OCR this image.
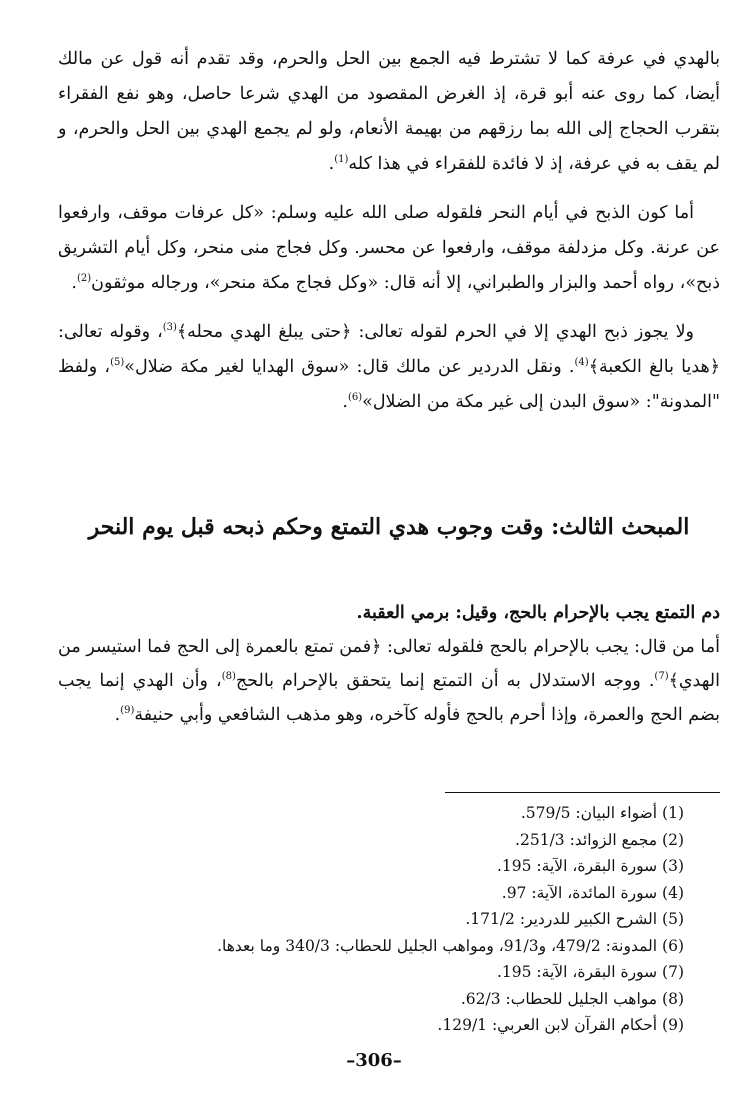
بالهدي في عرفة كما لا تشترط فيه الجمع بين الحل والحرم، وقد تقدم أنه قول عن مالك أيضا، كما روى عنه أبو قرة، إذ الغرض المقصود من الهدي شرعا حاصل، وهو نفع الفقراء بتقرب الحجاج إلى الله بما رزقهم من بهيمة الأنعام، ولو لم يجمع الهدي بين الحل والحرم، و لم يقف به في عرفة، إذ لا فائدة للفقراء في هذا كله$^{(1)}$.

أما كون الذبح في أيام النحر فلقوله صلى الله عليه وسلم: «كل عرفات موقف، وارفعوا عن عرنة. وكل مزدلفة موقف، وارفعوا عن محسر. وكل فجاج منى منحر، وكل أيام التشريق ذبح»، رواه أحمد والبزار والطبراني، إلا أنه قال: «وكل فجاج مكة منحر»، ورجاله موثقون$^{(2)}$.

ولا يجوز ذبح الهدي إلا في الحرم لقوله تعالى: ﴿حتى يبلغ الهدي محله﴾$^{(3)}$، وقوله تعالى: ﴿هديا بالغ الكعبة﴾$^{(4)}$. ونقل الدردير عن مالك قال: «سوق الهدايا لغير مكة ضلال»$^{(5)}$، ولفظ "المدونة": «سوق البدن إلى غير مكة من الضلال»$^{(6)}$.

المبحث الثالث: وقت وجوب هدي التمتع وحكم ذبحه قبل يوم النحر

دم التمتع يجب بالإحرام بالحج، وقيل: برمي العقبة.

أما من قال: يجب بالإحرام بالحج فلقوله تعالى: ﴿فمن تمتع بالعمرة إلى الحج فما استيسر من الهدي﴾$^{(7)}$. ووجه الاستدلال به أن التمتع إنما يتحقق بالإحرام بالحج$^{(8)}$، وأن الهدي إنما يجب بضم الحج والعمرة، وإذا أحرم بالحج فأوله كآخره، وهو مذهب الشافعي وأبي حنيفة$^{(9)}$.

(1) أضواء البيان: 579/5.
(2) مجمع الزوائد: 251/3.
(3) سورة البقرة، الآية: 195.
(4) سورة المائدة، الآية: 97.
(5) الشرح الكبير للدردير: 171/2.
(6) المدونة: 479/2، و91/3، ومواهب الجليل للحطاب: 340/3 وما بعدها.
(7) سورة البقرة، الآية: 195.
(8) مواهب الجليل للحطاب: 62/3.
(9) أحكام القرآن لابن العربي: 129/1.
–306–
